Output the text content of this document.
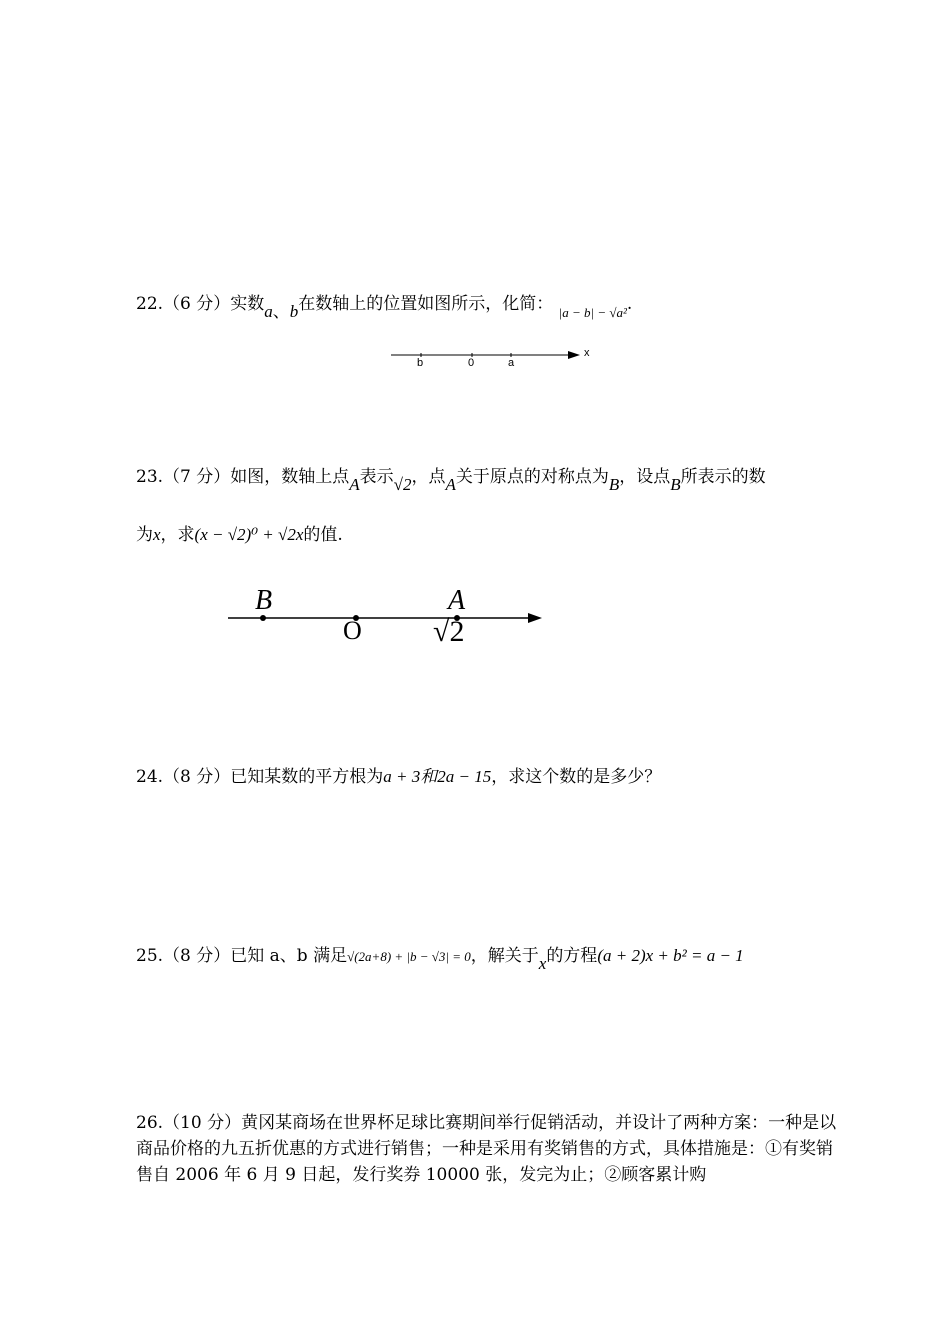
22.（6 分）实数a、b在数轴上的位置如图所示，化简： $_{|a - b| - √a^2}$.
b	0	a
x
23.（7 分）如图，数轴上点A表示√2，点A关于原点的对称点为B，设点B所表示的数
为x，求(x − √2)⁰ + √2x的值.
B
O
A
√2
24.（8 分）已知某数的平方根为a + 3和2a − 15，求这个数的是多少？
25.（8 分）已知 a、b 满足√(2a+8) + |b − √3| = 0，解关于x的方程(a + 2)x + b² = a − 1
26.（10 分）黄冈某商场在世界杯足球比赛期间举行促销活动，并设计了两种方案：一种是以商品价格的九五折优惠的方式进行销售；一种是采用有奖销售的方式，具体措施是：①有奖销售自 2006 年 6 月 9 日起，发行奖券 10000 张，发完为止；②顾客累计购
